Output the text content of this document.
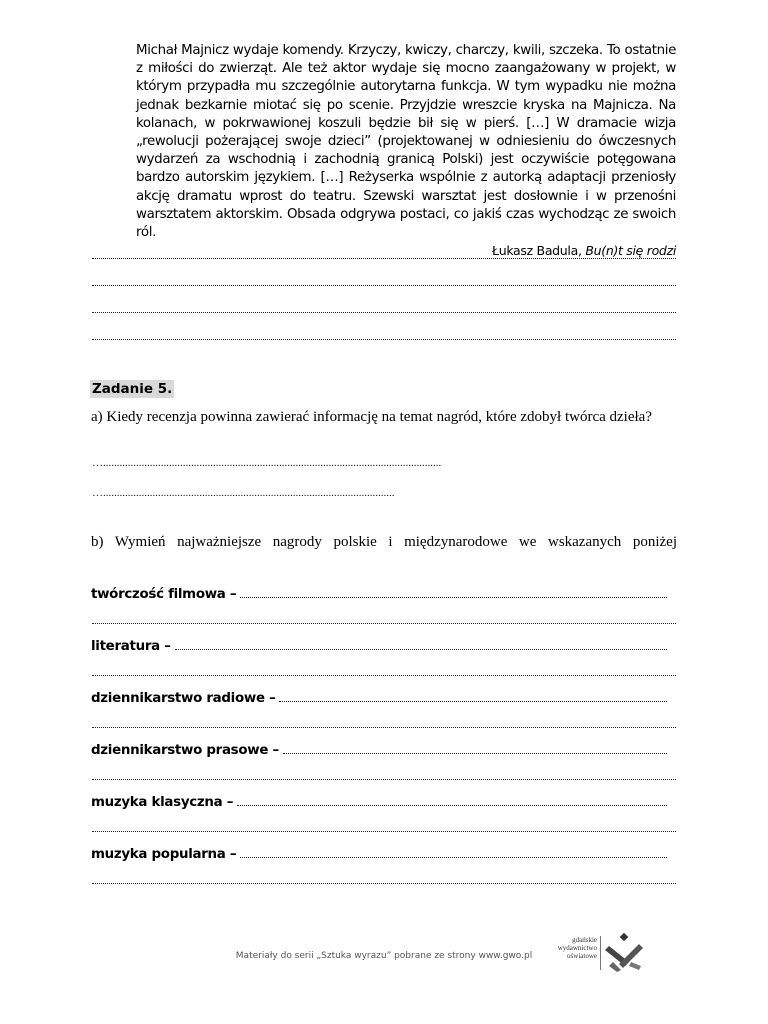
Michał Majnicz wydaje komendy. Krzyczy, kwiczy, charczy, kwili, szczeka. To ostatnie z miłości do zwierząt. Ale też aktor wydaje się mocno zaangażowany w projekt, w którym przypadła mu szczególnie autorytarna funkcja. W tym wypadku nie można jednak bezkarnie miotać się po scenie. Przyjdzie wreszcie kryska na Majnicza. Na kolanach, w pokrwawionej koszuli będzie bił się w pierś. […] W dramacie wizja „rewolucji pożerającej swoje dzieci” (projektowanej w odniesieniu do ówczesnych wydarzeń za wschodnią i zachodnią granicą Polski) jest oczywiście potęgowana bardzo autorskim językiem. […] Reżyserka wspólnie z autorką adaptacji przeniosły akcję dramatu wprost do teatru. Szewski warsztat jest dosłownie i w przenośni warsztatem aktorskim. Obsada odgrywa postaci, co jakiś czas wychodząc ze swoich ról.

Łukasz Badula, Bu(n)t się rodzi
Zadanie 5.
a) Kiedy recenzja powinna zawierać informację na temat nagród, które zdobył twórca dzieła?
…...........................................................................................................................
…..........................................................................................................
b) Wymień najważniejsze nagrody polskie i międzynarodowe we wskazanych poniżej
twórczość filmowa –
literatura –
dziennikarstwo radiowe –
dziennikarstwo prasowe –
muzyka klasyczna –
muzyka popularna –
Materiały do serii „Sztuka wyrazu” pobrane ze strony www.gwo.pl
gdańskie
wydawnictwo
oświatowe
